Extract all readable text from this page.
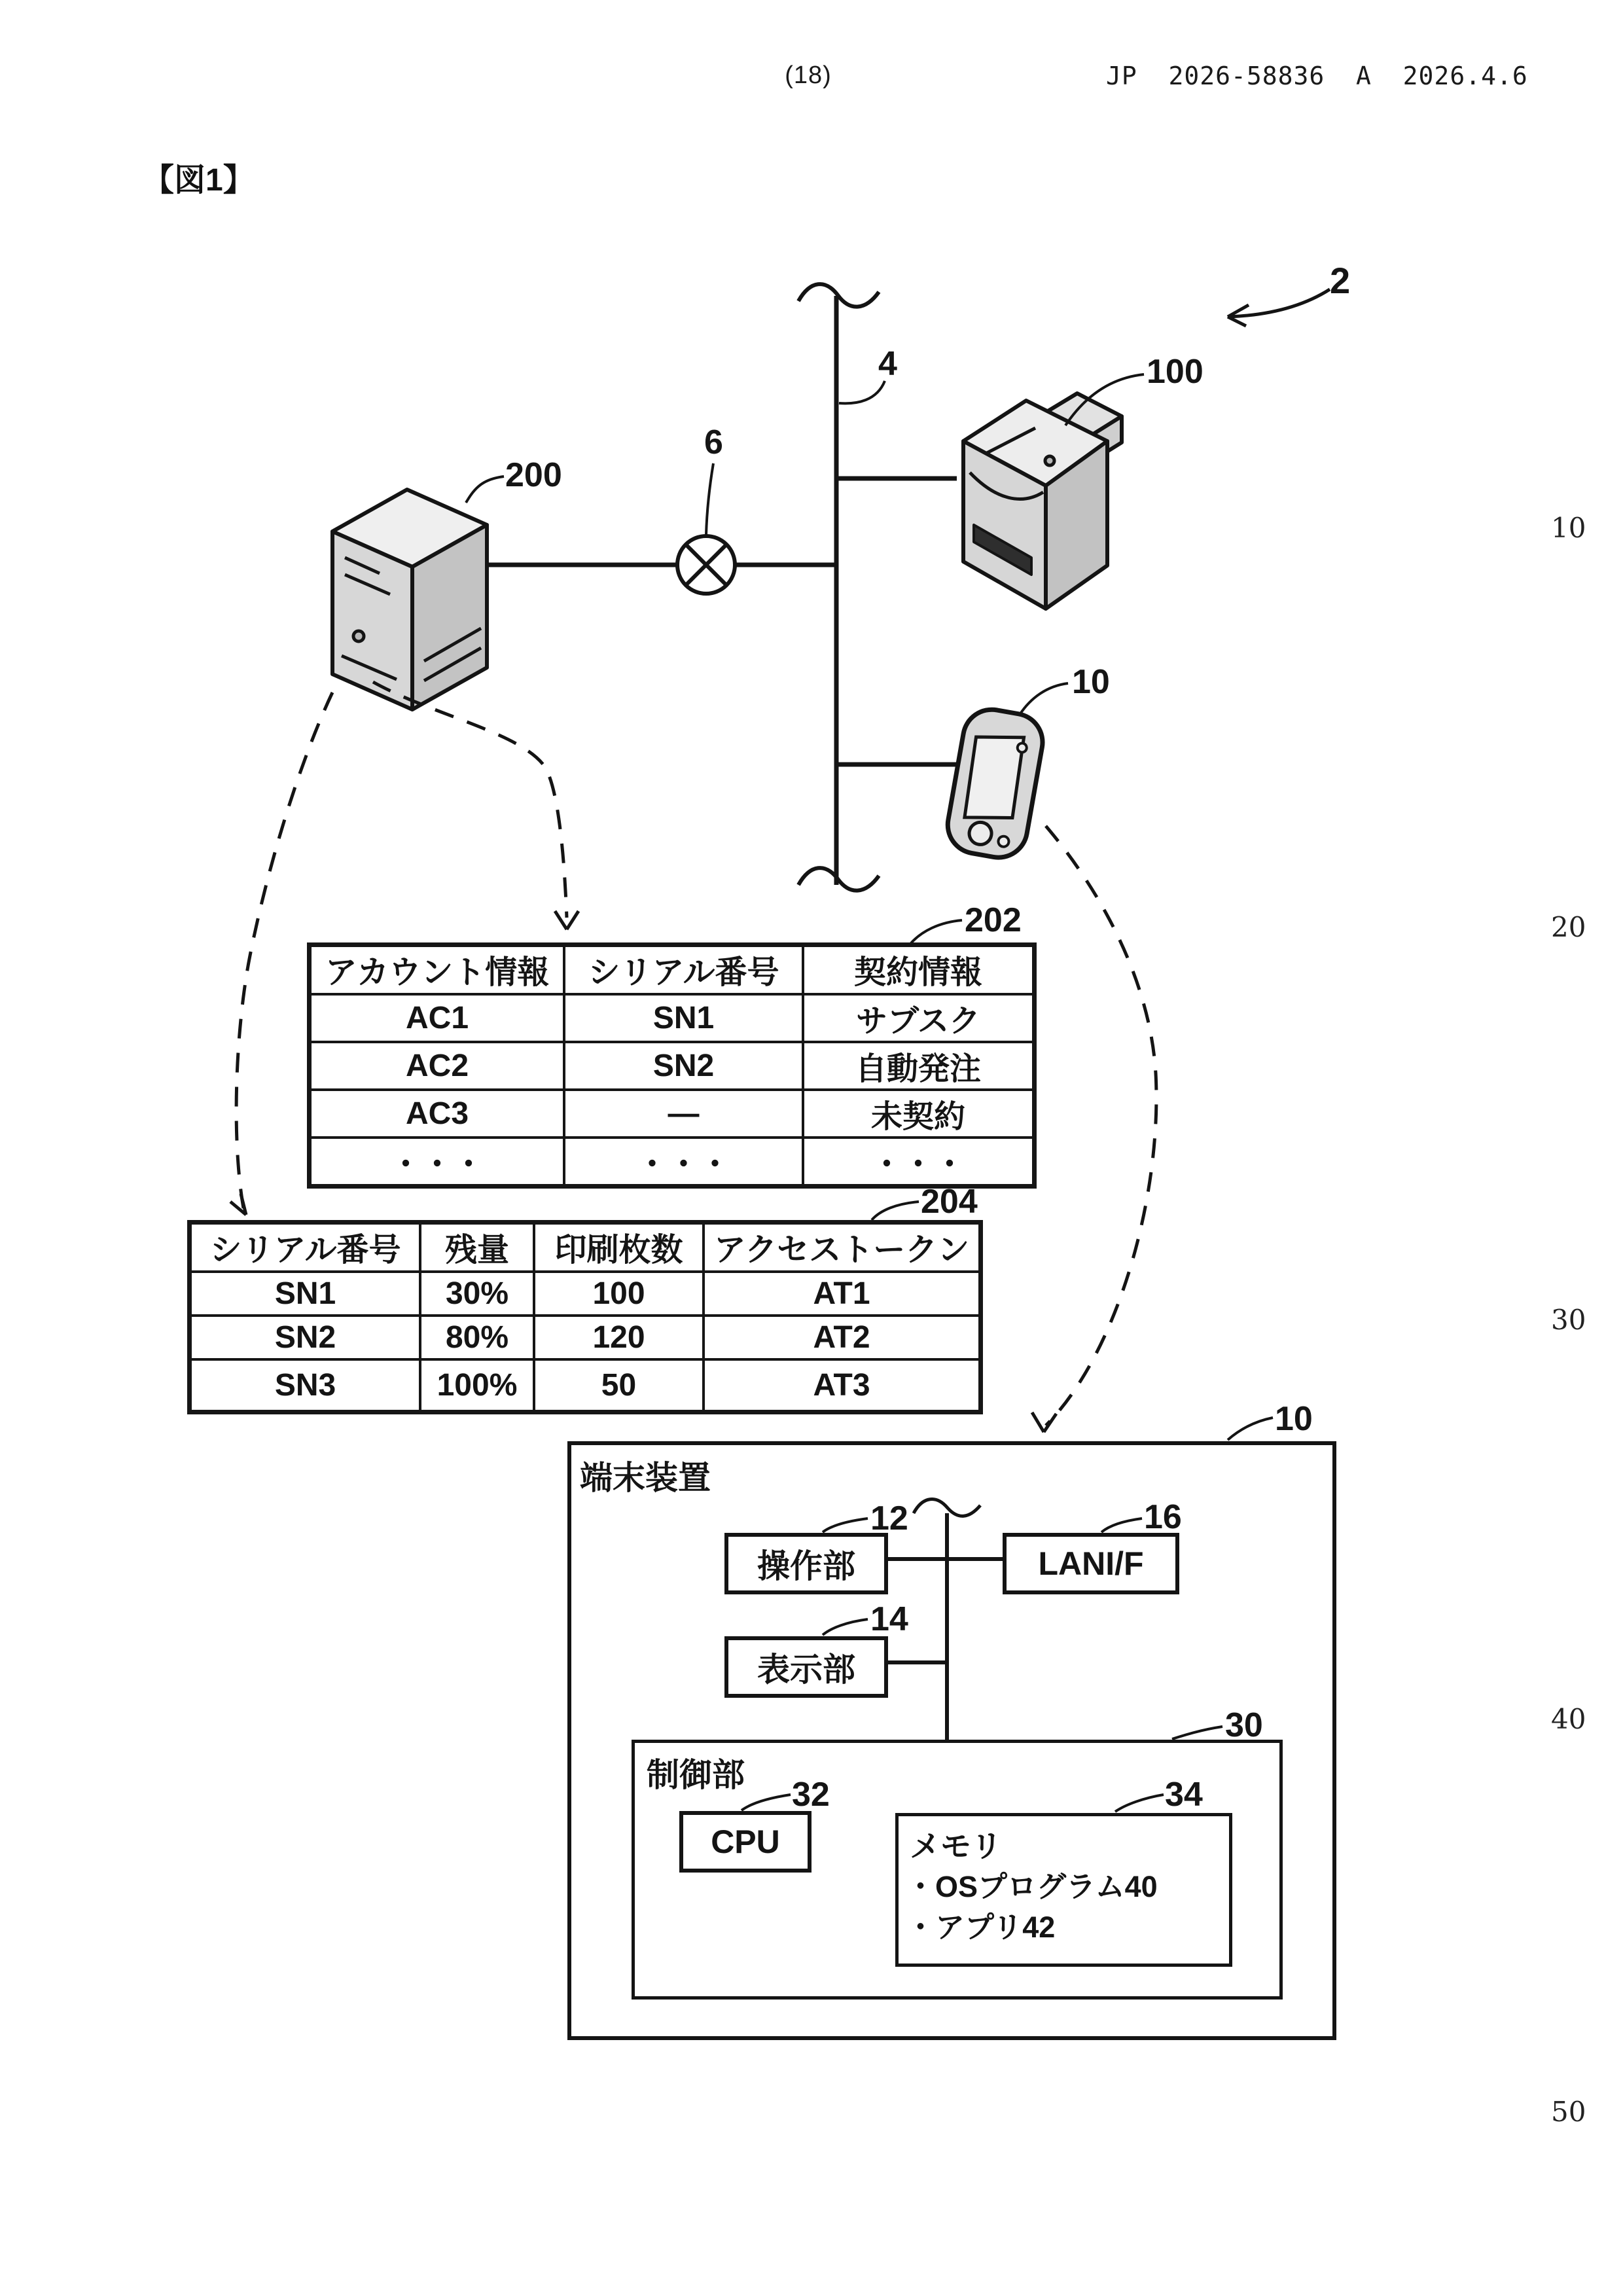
(18)	JP  2026-58836  A  2026.4.6
【図1】
2
4
6
100
200
10
202
204
10
12
14
16
30
32	34
10
20
30
40
50
アカウント情報	シリアル番号	契約情報
AC1	SN1	サブスク
AC2	SN2	自動発注
AC3	—	未契約
・・・	・・・	・・・
シリアル番号	残量	印刷枚数	アクセストークン
SN1	30%	100	AT1
SN2	80%	120	AT2
SN3	100%	50	AT3
端末装置
操作部	LANI/F
表示部
制御部
CPU	メモリ
・OSプログラム40
・アプリ42
